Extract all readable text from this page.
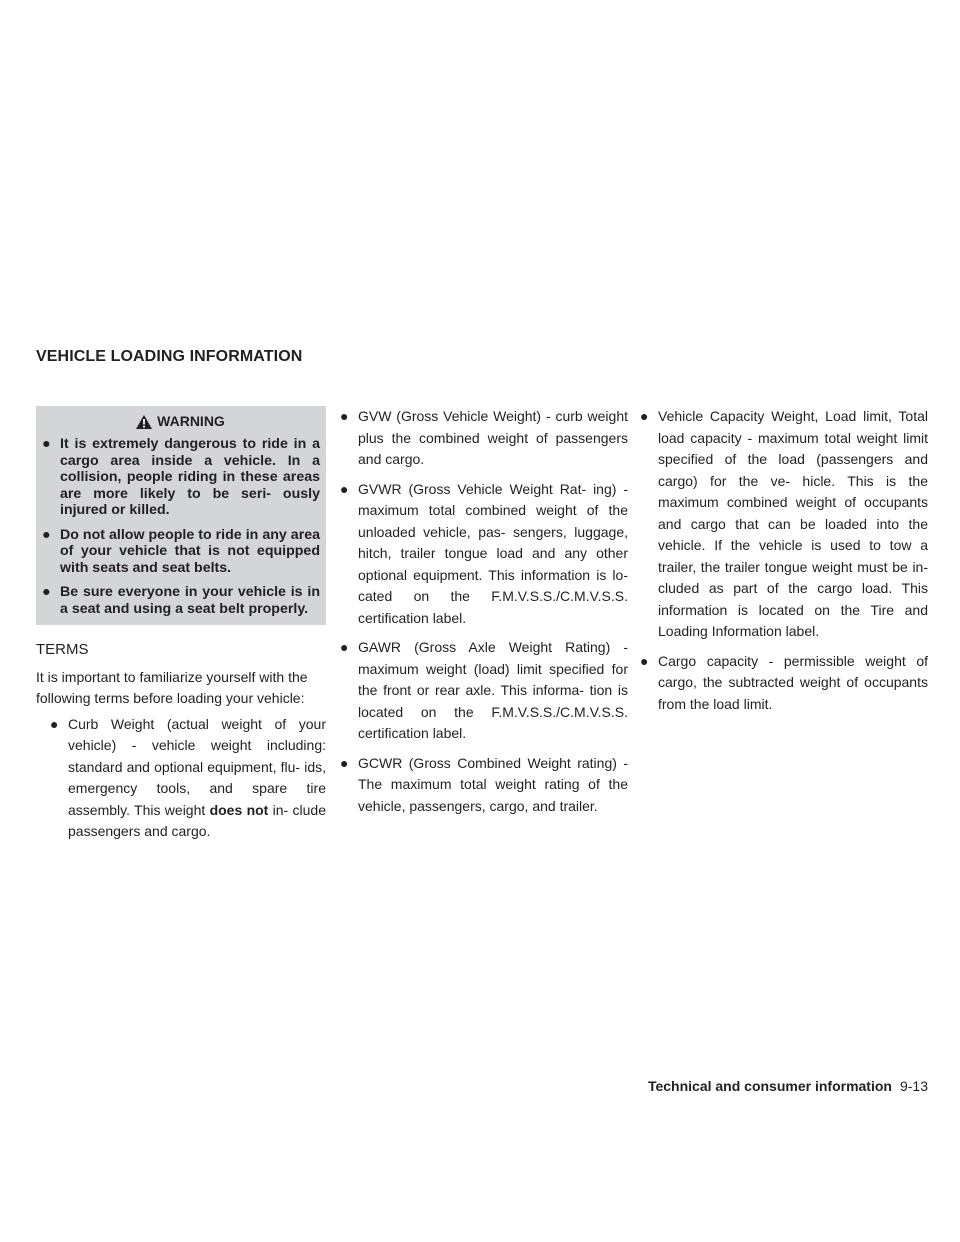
VEHICLE LOADING INFORMATION
WARNING
● It is extremely dangerous to ride in a cargo area inside a vehicle. In a collision, people riding in these areas are more likely to be seri- ously injured or killed.
● Do not allow people to ride in any area of your vehicle that is not equipped with seats and seat belts.
● Be sure everyone in your vehicle is in a seat and using a seat belt properly.
TERMS

It is important to familiarize yourself with the following terms before loading your vehicle:

● Curb Weight (actual weight of your vehicle) - vehicle weight including: standard and optional equipment, flu- ids, emergency tools, and spare tire assembly. This weight does not in- clude passengers and cargo.
● GVW (Gross Vehicle Weight) - curb weight plus the combined weight of passengers and cargo.
● GVWR (Gross Vehicle Weight Rat- ing) - maximum total combined weight of the unloaded vehicle, pas- sengers, luggage, hitch, trailer tongue load and any other optional equipment. This information is lo- cated on the F.M.V.S.S./C.M.V.S.S. certification label.
● GAWR (Gross Axle Weight Rating) - maximum weight (load) limit specified for the front or rear axle. This informa- tion is located on the F.M.V.S.S./C.M.V.S.S. certification label.
● GCWR (Gross Combined Weight rating) - The maximum total weight rating of the vehicle, passengers, cargo, and trailer.
● Vehicle Capacity Weight, Load limit, Total load capacity - maximum total weight limit specified of the load (passengers and cargo) for the ve- hicle. This is the maximum combined weight of occupants and cargo that can be loaded into the vehicle. If the vehicle is used to tow a trailer, the trailer tongue weight must be in- cluded as part of the cargo load. This information is located on the Tire and Loading Information label.
● Cargo capacity - permissible weight of cargo, the subtracted weight of occupants from the load limit.
Technical and consumer information 9-13
